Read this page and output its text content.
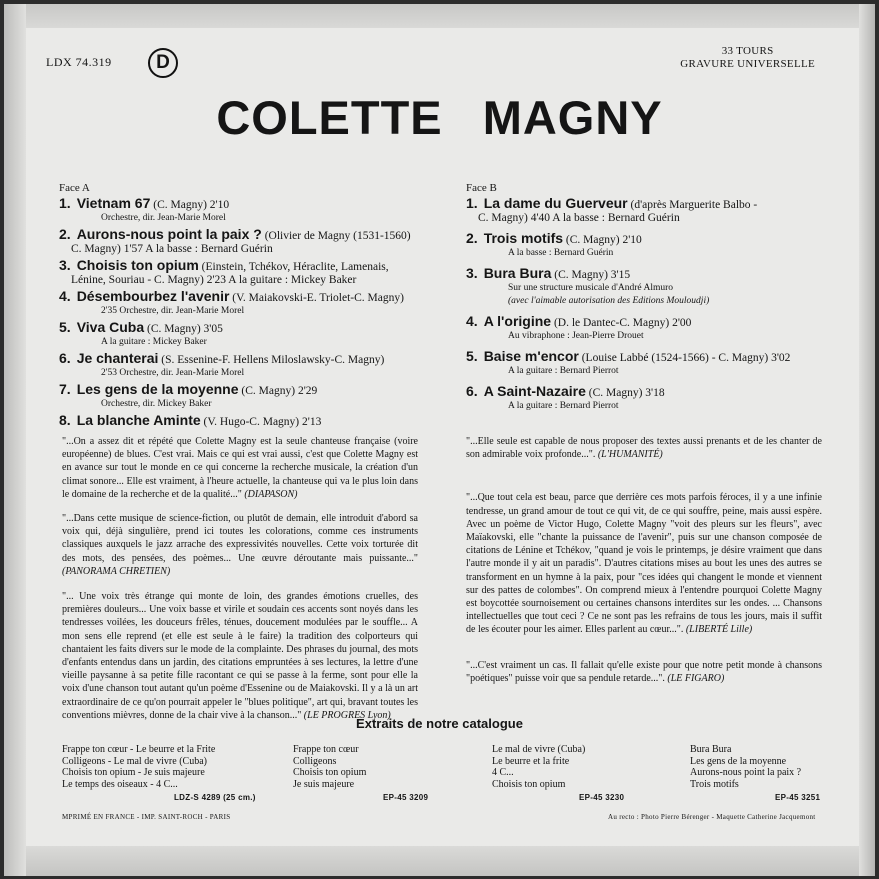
LDX 74.319	D
33 TOURS
GRAVURE UNIVERSELLE
COLETTE MAGNY
Face A
1. Vietnam 67 (C. Magny) 2'10
Orchestre, dir. Jean-Marie Morel
2. Aurons-nous point la paix ? (Olivier de Magny (1531-1560)
C. Magny) 1'57 A la basse : Bernard Guérin
3. Choisis ton opium (Einstein, Tchékov, Héraclite, Lamenais,
Lénine, Souriau - C. Magny) 2'23 A la guitare : Mickey Baker
4. Désembourbez l'avenir (V. Maiakovski-E. Triolet-C. Magny)
2'35 Orchestre, dir. Jean-Marie Morel
5. Viva Cuba (C. Magny) 3'05
A la guitare : Mickey Baker
6. Je chanterai (S. Essenine-F. Hellens Miloslawsky-C. Magny)
2'53 Orchestre, dir. Jean-Marie Morel
7. Les gens de la moyenne (C. Magny) 2'29
Orchestre, dir. Mickey Baker
8. La blanche Aminte (V. Hugo-C. Magny) 2'13
Face B
1. La dame du Guerveur (d'après Marguerite Balbo -
C. Magny) 4'40 A la basse : Bernard Guérin
2. Trois motifs (C. Magny) 2'10
A la basse : Bernard Guérin
3. Bura Bura (C. Magny) 3'15
Sur une structure musicale d'André Almuro
(avec l'aimable autorisation des Editions Mouloudji)
4. A l'origine (D. le Dantec-C. Magny) 2'00
Au vibraphone : Jean-Pierre Drouet
5. Baise m'encor (Louise Labbé (1524-1566) - C. Magny) 3'02
A la guitare : Bernard Pierrot
6. A Saint-Nazaire (C. Magny) 3'18
A la guitare : Bernard Pierrot
"...On a assez dit et répété que Colette Magny est la seule chanteuse française (voire européenne) de blues. C'est vrai. Mais ce qui est vrai aussi, c'est que Colette Magny est en avance sur tout le monde en ce qui concerne la recherche musicale, la création d'un climat sonore... Elle est vraiment, à l'heure actuelle, la chanteuse qui va le plus loin dans le domaine de la recherche et de la qualité..." (DIAPASON)
"...Dans cette musique de science-fiction, ou plutôt de demain, elle introduit d'abord sa voix qui, déjà singulière, prend ici toutes les colorations, comme ces instruments classiques auxquels le jazz arrache des expressivités nouvelles. Cette voix torturée dit des mots, des pensées, des poèmes... Une œuvre déroutante mais puissante..." (PANORAMA CHRETIEN)
"... Une voix très étrange qui monte de loin, des grandes émotions cruelles, des premières douleurs... Une voix basse et virile et soudain ces accents sont noyés dans les tendresses voilées, les douceurs frêles, ténues, doucement modulées par le souffle... A mon sens elle reprend (et elle est seule à le faire) la tradition des colporteurs qui chantaient les faits divers sur le mode de la complainte. Des phrases du journal, des mots d'enfants entendus dans un jardin, des citations empruntées à ses lectures, la lettre d'une vieille paysanne à sa petite fille racontant ce qui se passe à la ferme, sont pour elle la voix d'une chanson tout autant qu'un poème d'Essenine ou de Maiakovski. Il y a là un art extraordinaire de ce qu'on pourrait appeler le "blues politique", art qui, bravant toutes les conventions mièvres, donne de la chair vive à la chanson..." (LE PROGRES Lyon)
"...Elle seule est capable de nous proposer des textes aussi prenants et de les chanter de son admirable voix profonde...". (L'HUMANITÉ)
"...Que tout cela est beau, parce que derrière ces mots parfois féroces, il y a une infinie tendresse, un grand amour de tout ce qui vit, de ce qui souffre, peine, mais aussi espère. Avec un poème de Victor Hugo, Colette Magny "voit des pleurs sur les fleurs", avec Maïakovski, elle "chante la puissance de l'avenir", puis sur une chanson composée de citations de Lénine et Tchékov, "quand je vois le printemps, je désire vraiment que dans l'autre monde il y ait un paradis". D'autres citations mises au bout les unes des autres se transforment en un hymne à la paix, pour "ces idées qui changent le monde et viennent sur des pattes de colombes". On comprend mieux à l'entendre pourquoi Colette Magny est boycottée sournoisement ou certaines chansons interdites sur les ondes. ... Chansons intellectuelles que tout ceci ? Ce ne sont pas les refrains de tous les jours, mais il suffit de les écouter pour les aimer. Elles parlent au cœur...". (LIBERTÉ Lille)
"...C'est vraiment un cas. Il fallait qu'elle existe pour que notre petit monde à chansons "poétiques" puisse voir que sa pendule retarde...". (LE FIGARO)
Extraits de notre catalogue
Frappe ton cœur - Le beurre et la Frite
Colligeons - Le mal de vivre (Cuba)
Choisis ton opium - Je suis majeure
Le temps des oiseaux - 4 C...
LDZ-S 4289 (25 cm.)
Frappe ton cœur
Colligeons
Choisis ton opium
Je suis majeure
EP-45 3209
Le mal de vivre (Cuba)
Le beurre et la frite
4 C...
Choisis ton opium
EP-45 3230
Bura Bura
Les gens de la moyenne
Aurons-nous point la paix ?
Trois motifs
EP-45 3251
MPRIMÉ EN FRANCE - IMP. SAINT-ROCH - PARIS	Au recto : Photo Pierre Bérenger - Maquette Catherine Jacquemont
